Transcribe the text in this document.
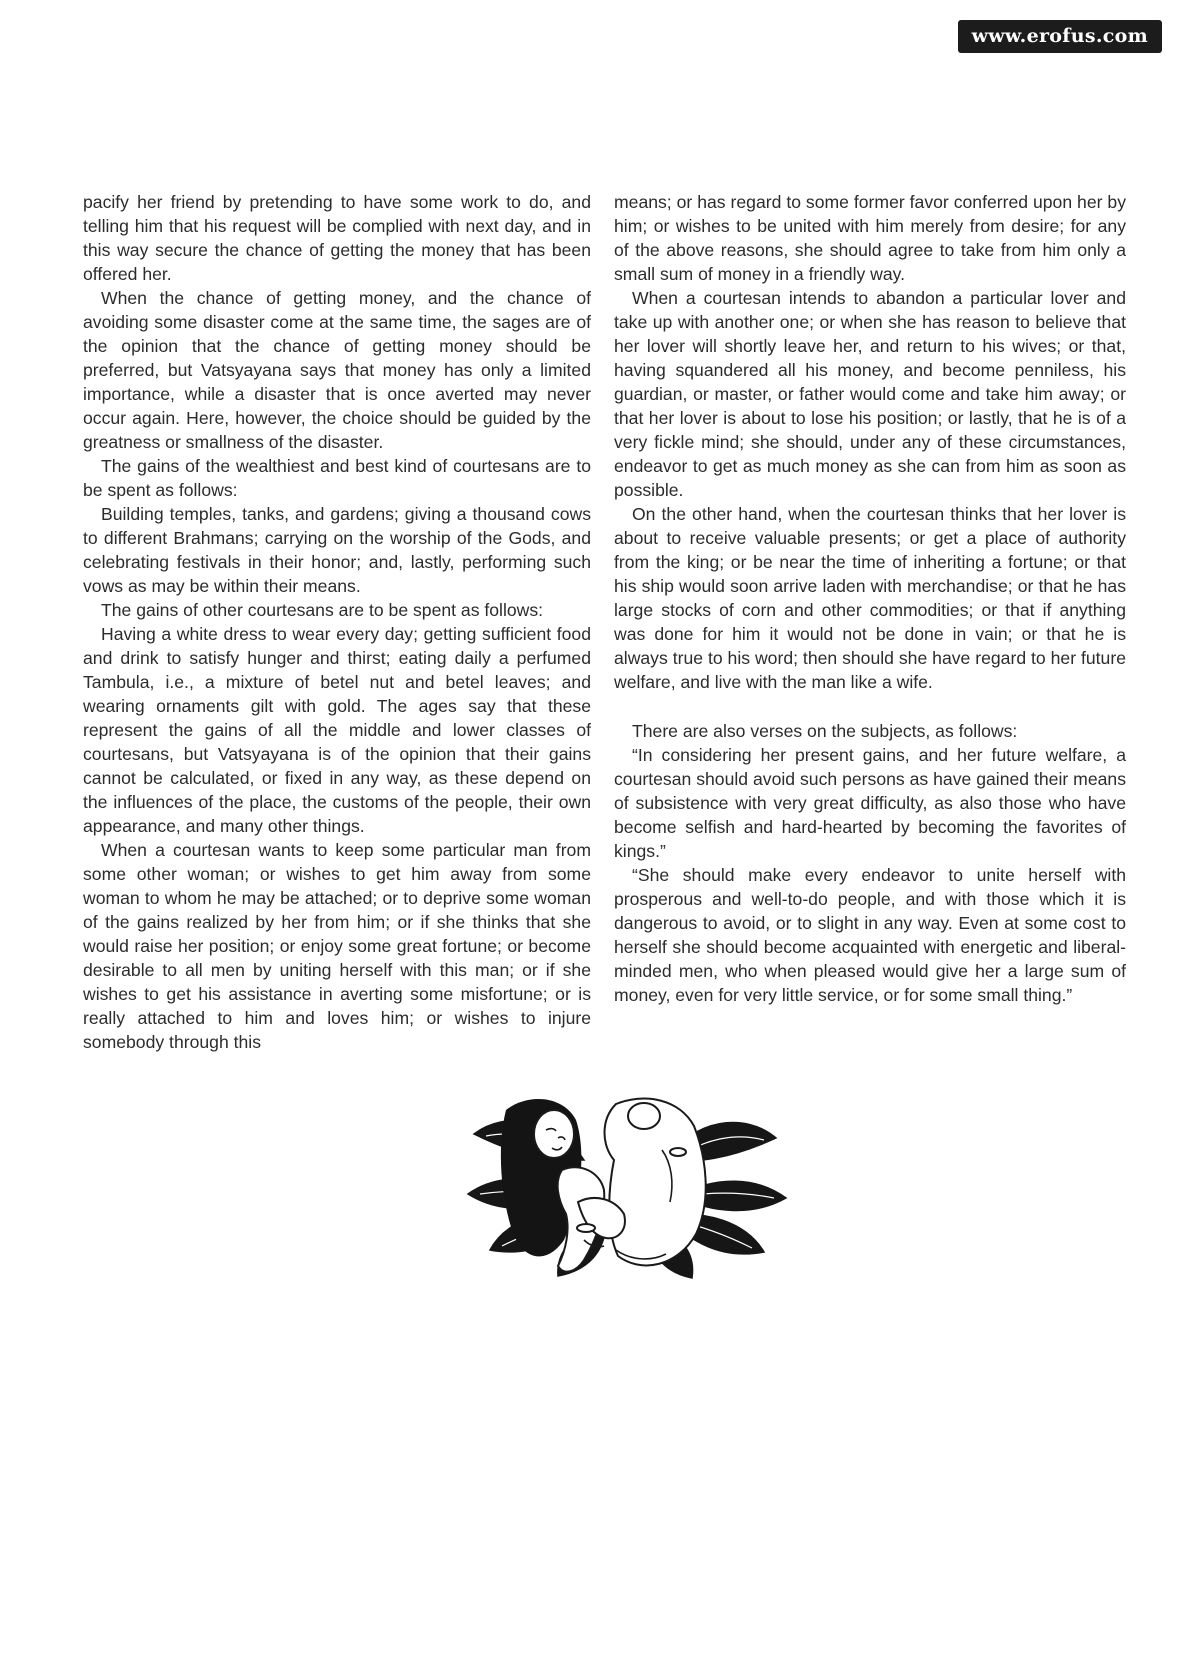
www.erofus.com

pacify her friend by pretending to have some work to do, and telling him that his request will be complied with next day, and in this way secure the chance of getting the money that has been offered her.

When the chance of getting money, and the chance of avoiding some disaster come at the same time, the sages are of the opinion that the chance of getting money should be preferred, but Vatsyayana says that money has only a limited importance, while a disaster that is once averted may never occur again. Here, however, the choice should be guided by the greatness or smallness of the disaster.

The gains of the wealthiest and best kind of courtesans are to be spent as follows:

Building temples, tanks, and gardens; giving a thousand cows to different Brahmans; carrying on the worship of the Gods, and celebrating festivals in their honor; and, lastly, performing such vows as may be within their means.

The gains of other courtesans are to be spent as follows:

Having a white dress to wear every day; getting sufficient food and drink to satisfy hunger and thirst; eating daily a perfumed Tambula, i.e., a mixture of betel nut and betel leaves; and wearing ornaments gilt with gold. The ages say that these represent the gains of all the middle and lower classes of courtesans, but Vatsyayana is of the opinion that their gains cannot be calculated, or fixed in any way, as these depend on the influences of the place, the customs of the people, their own appearance, and many other things.

When a courtesan wants to keep some particular man from some other woman; or wishes to get him away from some woman to whom he may be attached; or to deprive some woman of the gains realized by her from him; or if she thinks that she would raise her position; or enjoy some great fortune; or become desirable to all men by uniting herself with this man; or if she wishes to get his assistance in averting some misfortune; or is really attached to him and loves him; or wishes to injure somebody through this

means; or has regard to some former favor conferred upon her by him; or wishes to be united with him merely from desire; for any of the above reasons, she should agree to take from him only a small sum of money in a friendly way.

When a courtesan intends to abandon a particular lover and take up with another one; or when she has reason to believe that her lover will shortly leave her, and return to his wives; or that, having squandered all his money, and become penniless, his guardian, or master, or father would come and take him away; or that her lover is about to lose his position; or lastly, that he is of a very fickle mind; she should, under any of these circumstances, endeavor to get as much money as she can from him as soon as possible.

On the other hand, when the courtesan thinks that her lover is about to receive valuable presents; or get a place of authority from the king; or be near the time of inheriting a fortune; or that his ship would soon arrive laden with merchandise; or that he has large stocks of corn and other commodities; or that if anything was done for him it would not be done in vain; or that he is always true to his word; then should she have regard to her future welfare, and live with the man like a wife.

There are also verses on the subjects, as follows:

“In considering her present gains, and her future welfare, a courtesan should avoid such persons as have gained their means of subsistence with very great difficulty, as also those who have become selfish and hard-hearted by becoming the favorites of kings.”

“She should make every endeavor to unite herself with prosperous and well-to-do people, and with those which it is dangerous to avoid, or to slight in any way. Even at some cost to herself she should become acquainted with energetic and liberal-minded men, who when pleased would give her a large sum of money, even for very little service, or for some small thing.”
